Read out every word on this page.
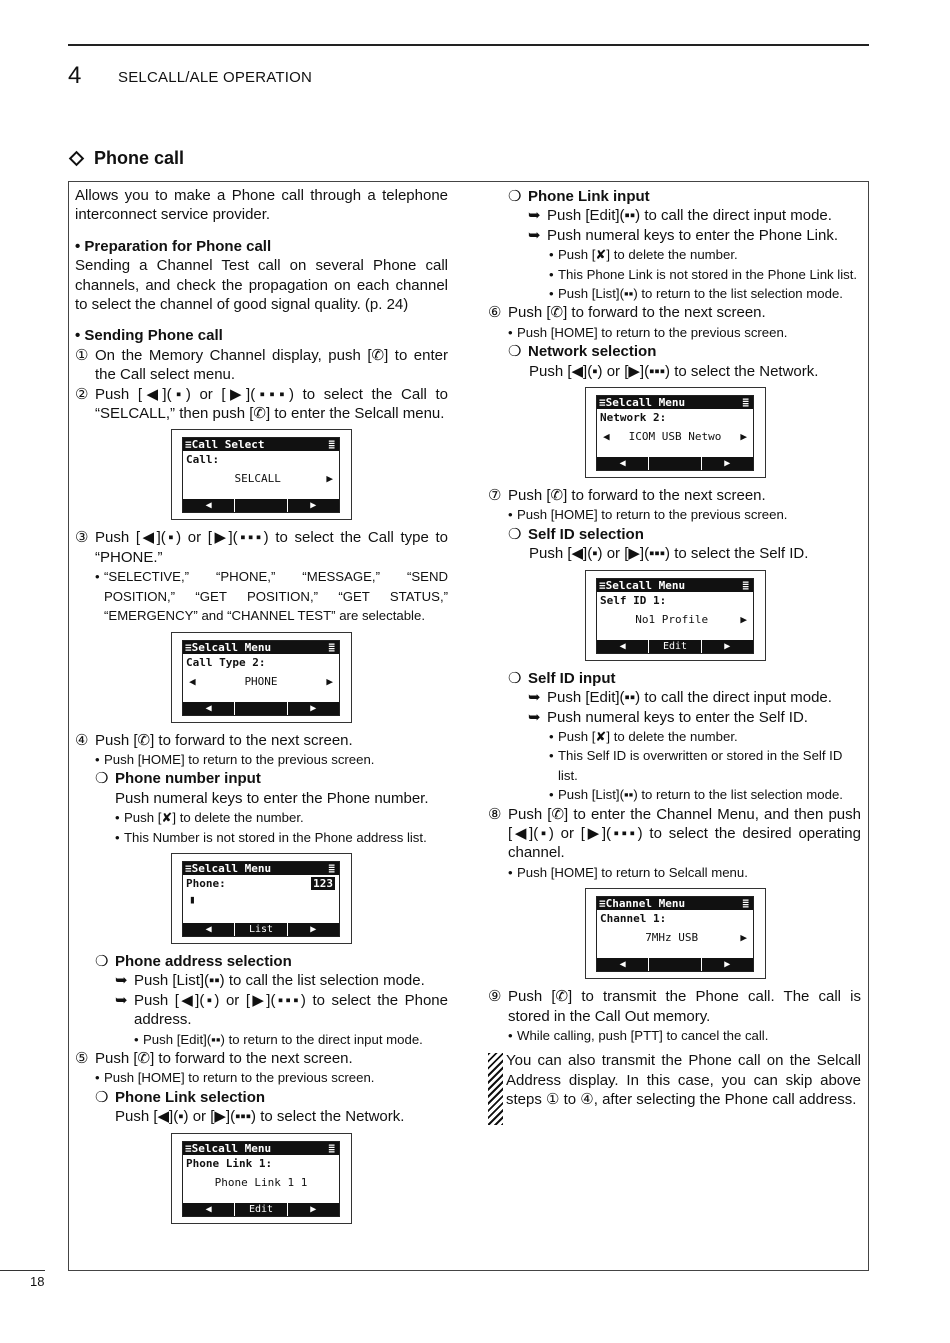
4 SELCALL/ALE OPERATION
Phone call

Allows you to make a Phone call through a telephone interconnect service provider.

• Preparation for Phone call

Sending a Channel Test call on several Phone call channels, and check the propagation on each channel to select the channel of good signal quality. (p. 24)

• Sending Phone call

① On the Memory Channel display, push [✆] to enter the Call select menu.
② Push [◀](▪) or [▶](▪▪▪) to select the Call to “SELCALL,” then push [✆] to enter the Selcall menu.
≡Call Select	≣
Call:
SELCALL	▶
◀	▶
③ Push [◀](▪) or [▶](▪▪▪) to select the Call type to “PHONE.”
• “SELECTIVE,” “PHONE,” “MESSAGE,” “SEND POSITION,” “GET POSITION,” “GET STATUS,” “EMERGENCY” and “CHANNEL TEST” are selectable.
≡Selcall Menu	≣
Call Type 2:
◀	PHONE	▶
◀	▶
④ Push [✆] to forward to the next screen.
• Push [HOME] to return to the previous screen.
❍ Phone number input

Push numeral keys to enter the Phone number.

• Push [✘] to delete the number.
• This Number is not stored in the Phone address list.
≡Selcall Menu	≣
Phone:	123
▮
◀	List	▶
❍ Phone address selection
➥ Push [List](▪▪) to call the list selection mode.
➥ Push [◀](▪) or [▶](▪▪▪) to select the Phone address.
• Push [Edit](▪▪) to return to the direct input mode.
⑤ Push [✆] to forward to the next screen.
• Push [HOME] to return to the previous screen.
❍ Phone Link selection

Push [◀](▪) or [▶](▪▪▪) to select the Network.

≡Selcall Menu	≣
Phone Link 1:
Phone Link 1 1
◀	Edit	▶
❍ Phone Link input
➥ Push [Edit](▪▪) to call the direct input mode.
➥ Push numeral keys to enter the Phone Link.
• Push [✘] to delete the number.
• This Phone Link is not stored in the Phone Link list.
• Push [List](▪▪) to return to the list selection mode.
⑥ Push [✆] to forward to the next screen.
• Push [HOME] to return to the previous screen.
❍ Network selection

Push [◀](▪) or [▶](▪▪▪) to select the Network.

≡Selcall Menu	≣
Network 2:
◀ ICOM USB Netwo ▶
◀	▶
⑦ Push [✆] to forward to the next screen.
• Push [HOME] to return to the previous screen.
❍ Self ID selection

Push [◀](▪) or [▶](▪▪▪) to select the Self ID.

≡Selcall Menu	≣
Self ID 1:
No1 Profile	▶
◀	Edit	▶
❍ Self ID input
➥ Push [Edit](▪▪) to call the direct input mode.
➥ Push numeral keys to enter the Self ID.
• Push [✘] to delete the number.
• This Self ID is overwritten or stored in the Self ID list.
• Push [List](▪▪) to return to the list selection mode.
⑧ Push [✆] to enter the Channel Menu, and then push [◀](▪) or [▶](▪▪▪) to select the desired operating channel.
• Push [HOME] to return to Selcall menu.
≡Channel Menu	≣
Channel 1:
7MHz USB	▶
◀	▶
⑨ Push [✆] to transmit the Phone call. The call is stored in the Call Out memory.
• While calling, push [PTT] to cancel the call.
You can also transmit the Phone call on the Selcall Address display. In this case, you can skip above steps ① to ④, after selecting the Phone call address.
18
